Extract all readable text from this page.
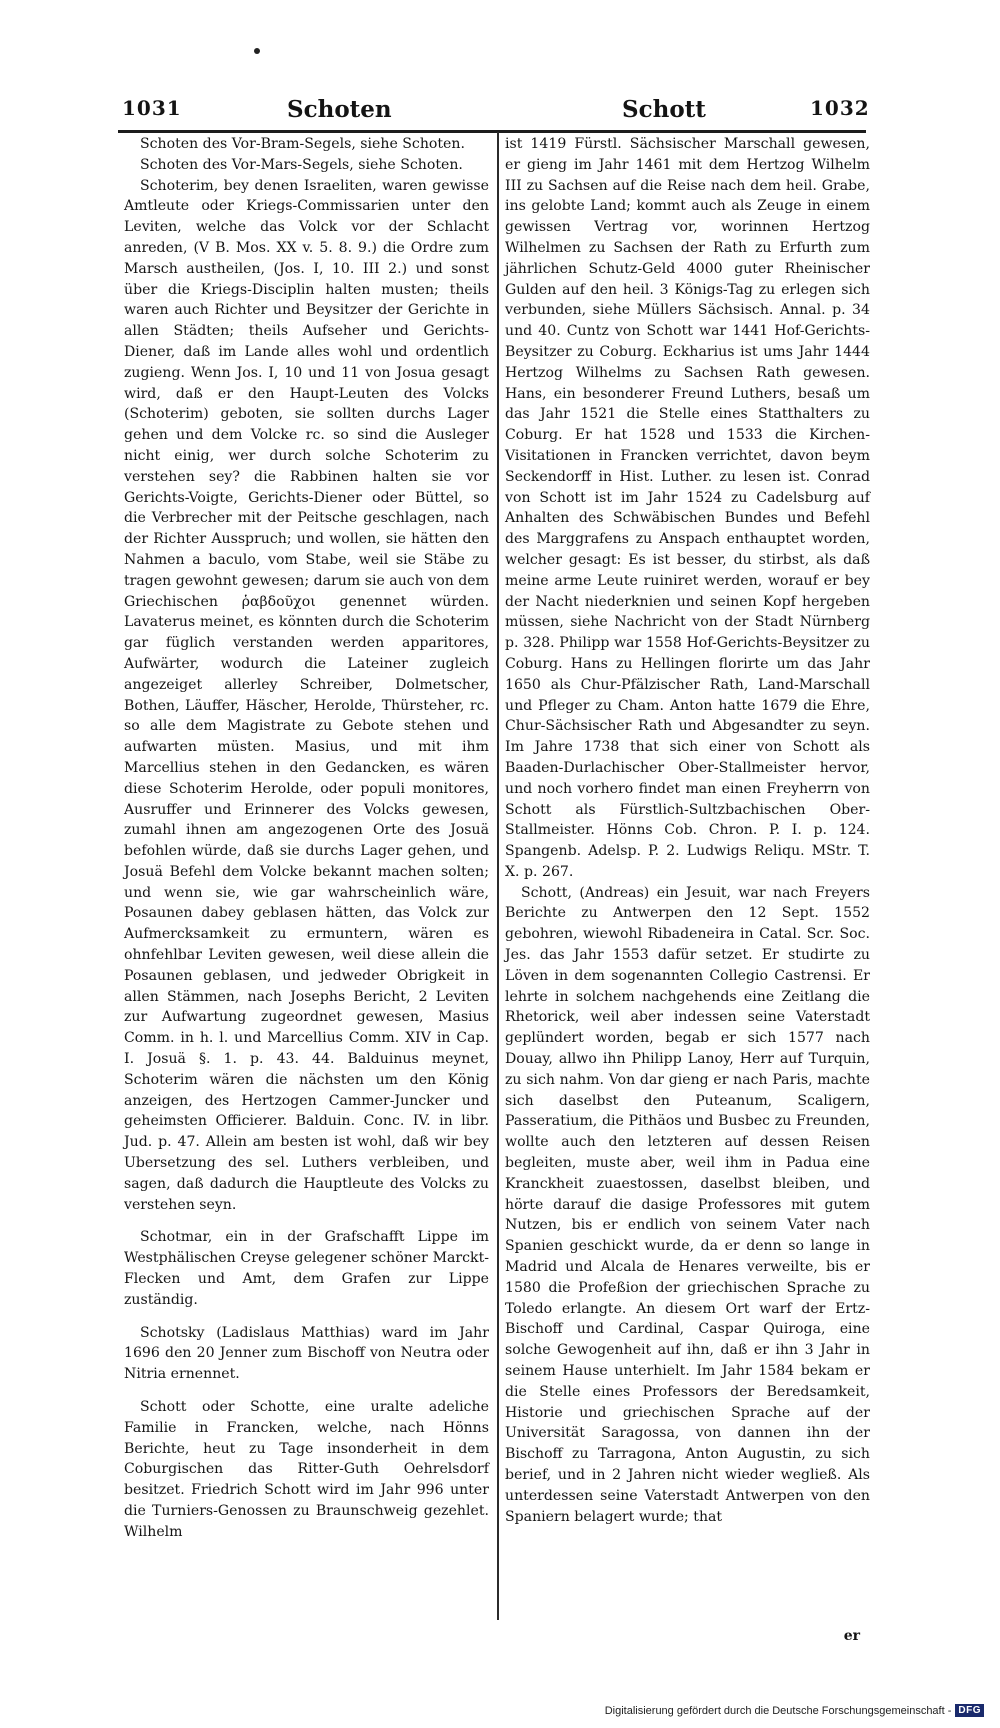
1031	Schoten	Schott	1032

Schoten des Vor-Bram-Segels, siehe Schoten.

Schoten des Vor-Mars-Segels, siehe Schoten.

Schoterim, bey denen Israeliten, waren gewisse Amtleute oder Kriegs-Commissarien unter den Leviten, welche das Volck vor der Schlacht anreden, (V B. Mos. XX v. 5. 8. 9.) die Ordre zum Marsch austheilen, (Jos. I, 10. III 2.) und sonst über die Kriegs-Disciplin halten musten; theils waren auch Richter und Beysitzer der Gerichte in allen Städten; theils Aufseher und Gerichts-Diener, daß im Lande alles wohl und ordentlich zugieng. Wenn Jos. I, 10 und 11 von Josua gesagt wird, daß er den Haupt-Leuten des Volcks (Schoterim) geboten, sie sollten durchs Lager gehen und dem Volcke rc. so sind die Ausleger nicht einig, wer durch solche Schoterim zu verstehen sey? die Rabbinen halten sie vor Gerichts-Voigte, Gerichts-Diener oder Büttel, so die Verbrecher mit der Peitsche geschlagen, nach der Richter Ausspruch; und wollen, sie hätten den Nahmen a baculo, vom Stabe, weil sie Stäbe zu tragen gewohnt gewesen; darum sie auch von dem Griechischen ῥαβδοῦχοι genennet würden. Lavaterus meinet, es könnten durch die Schoterim gar füglich verstanden werden apparitores, Aufwärter, wodurch die Lateiner zugleich angezeiget allerley Schreiber, Dolmetscher, Bothen, Läuffer, Häscher, Herolde, Thürsteher, rc. so alle dem Magistrate zu Gebote stehen und aufwarten müsten. Masius, und mit ihm Marcellius stehen in den Gedancken, es wären diese Schoterim Herolde, oder populi monitores, Ausruffer und Erinnerer des Volcks gewesen, zumahl ihnen am angezogenen Orte des Josuä befohlen würde, daß sie durchs Lager gehen, und Josuä Befehl dem Volcke bekannt machen solten; und wenn sie, wie gar wahrscheinlich wäre, Posaunen dabey geblasen hätten, das Volck zur Aufmercksamkeit zu ermuntern, wären es ohnfehlbar Leviten gewesen, weil diese allein die Posaunen geblasen, und jedweder Obrigkeit in allen Stämmen, nach Josephs Bericht, 2 Leviten zur Aufwartung zugeordnet gewesen, Masius Comm. in h. l. und Marcellius Comm. XIV in Cap. I. Josuä §. 1. p. 43. 44. Balduinus meynet, Schoterim wären die nächsten um den König anzeigen, des Hertzogen Cammer-Juncker und geheimsten Officierer. Balduin. Conc. IV. in libr. Jud. p. 47. Allein am besten ist wohl, daß wir bey Ubersetzung des sel. Luthers verbleiben, und sagen, daß dadurch die Hauptleute des Volcks zu verstehen seyn.

Schotmar, ein in der Grafschafft Lippe im Westphälischen Creyse gelegener schöner Marckt-Flecken und Amt, dem Grafen zur Lippe zuständig.

Schotsky (Ladislaus Matthias) ward im Jahr 1696 den 20 Jenner zum Bischoff von Neutra oder Nitria ernennet.

Schott oder Schotte, eine uralte adeliche Familie in Francken, welche, nach Hönns Berichte, heut zu Tage insonderheit in dem Coburgischen das Ritter-Guth Oehrelsdorf besitzet. Friedrich Schott wird im Jahr 996 unter die Turniers-Genossen zu Braunschweig gezehlet. Wilhelm

ist 1419 Fürstl. Sächsischer Marschall gewesen, er gieng im Jahr 1461 mit dem Hertzog Wilhelm III zu Sachsen auf die Reise nach dem heil. Grabe, ins gelobte Land; kommt auch als Zeuge in einem gewissen Vertrag vor, worinnen Hertzog Wilhelmen zu Sachsen der Rath zu Erfurth zum jährlichen Schutz-Geld 4000 guter Rheinischer Gulden auf den heil. 3 Königs-Tag zu erlegen sich verbunden, siehe Müllers Sächsisch. Annal. p. 34 und 40. Cuntz von Schott war 1441 Hof-Gerichts-Beysitzer zu Coburg. Eckharius ist ums Jahr 1444 Hertzog Wilhelms zu Sachsen Rath gewesen. Hans, ein besonderer Freund Luthers, besaß um das Jahr 1521 die Stelle eines Statthalters zu Coburg. Er hat 1528 und 1533 die Kirchen-Visitationen in Francken verrichtet, davon beym Seckendorff in Hist. Luther. zu lesen ist. Conrad von Schott ist im Jahr 1524 zu Cadelsburg auf Anhalten des Schwäbischen Bundes und Befehl des Marggrafens zu Anspach enthauptet worden, welcher gesagt: Es ist besser, du stirbst, als daß meine arme Leute ruiniret werden, worauf er bey der Nacht niederknien und seinen Kopf hergeben müssen, siehe Nachricht von der Stadt Nürnberg p. 328. Philipp war 1558 Hof-Gerichts-Beysitzer zu Coburg. Hans zu Hellingen florirte um das Jahr 1650 als Chur-Pfälzischer Rath, Land-Marschall und Pfleger zu Cham. Anton hatte 1679 die Ehre, Chur-Sächsischer Rath und Abgesandter zu seyn. Im Jahre 1738 that sich einer von Schott als Baaden-Durlachischer Ober-Stallmeister hervor, und noch vorhero findet man einen Freyherrn von Schott als Fürstlich-Sultzbachischen Ober-Stallmeister. Hönns Cob. Chron. P. I. p. 124. Spangenb. Adelsp. P. 2. Ludwigs Reliqu. MStr. T. X. p. 267.

Schott, (Andreas) ein Jesuit, war nach Freyers Berichte zu Antwerpen den 12 Sept. 1552 gebohren, wiewohl Ribadeneira in Catal. Scr. Soc. Jes. das Jahr 1553 dafür setzet. Er studirte zu Löven in dem sogenannten Collegio Castrensi. Er lehrte in solchem nachgehends eine Zeitlang die Rhetorick, weil aber indessen seine Vaterstadt geplündert worden, begab er sich 1577 nach Douay, allwo ihn Philipp Lanoy, Herr auf Turquin, zu sich nahm. Von dar gieng er nach Paris, machte sich daselbst den Puteanum, Scaligern, Passeratium, die Pithäos und Busbec zu Freunden, wollte auch den letzteren auf dessen Reisen begleiten, muste aber, weil ihm in Padua eine Kranckheit zuaestossen, daselbst bleiben, und hörte darauf die dasige Professores mit gutem Nutzen, bis er endlich von seinem Vater nach Spanien geschickt wurde, da er denn so lange in Madrid und Alcala de Henares verweilte, bis er 1580 die Profeßion der griechischen Sprache zu Toledo erlangte. An diesem Ort warf der Ertz-Bischoff und Cardinal, Caspar Quiroga, eine solche Gewogenheit auf ihn, daß er ihn 3 Jahr in seinem Hause unterhielt. Im Jahr 1584 bekam er die Stelle eines Professors der Beredsamkeit, Historie und griechischen Sprache auf der Universität Saragossa, von dannen ihn der Bischoff zu Tarragona, Anton Augustin, zu sich berief, und in 2 Jahren nicht wieder wegließ. Als unterdessen seine Vaterstadt Antwerpen von den Spaniern belagert wurde; that

er
Digitalisierung gefördert durch die Deutsche Forschungsgemeinschaft - DFG
